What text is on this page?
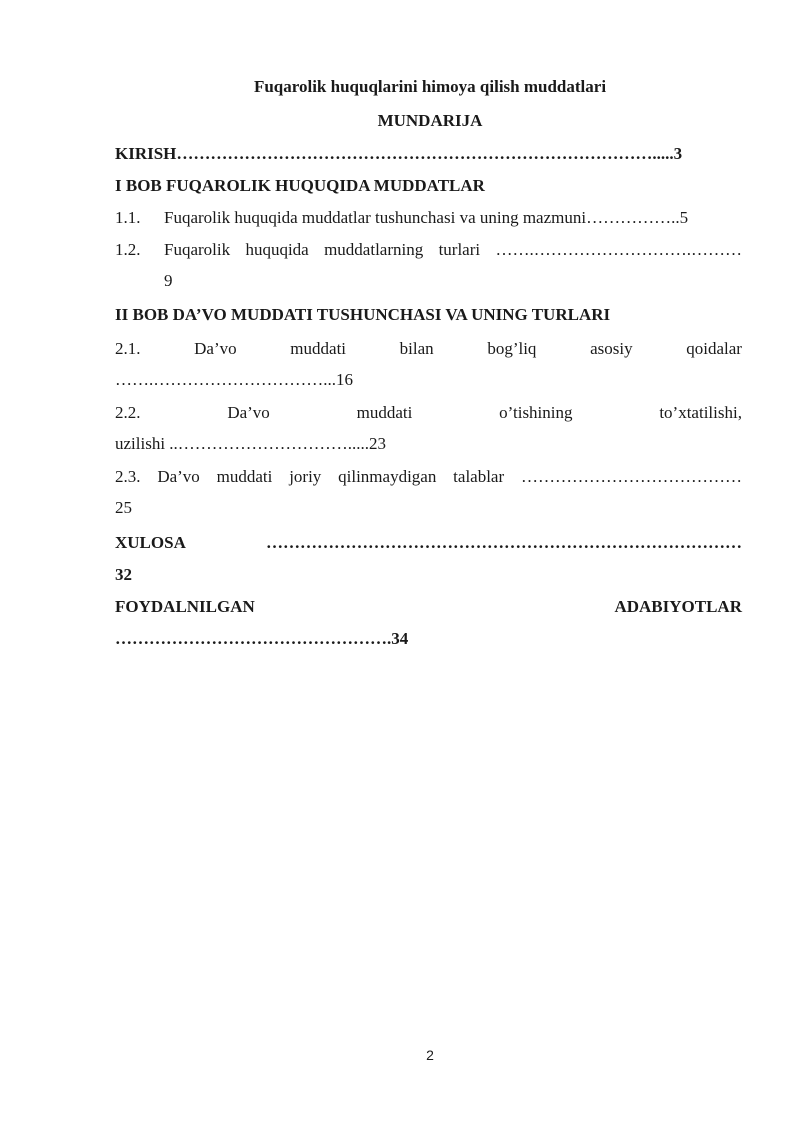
Fuqarolik huquqlarini himoya qilish muddatlari
MUNDARIJA
KIRISH………………………………………………………………………….....3
I BOB FUQAROLIK HUQUQIDA MUDDATLAR
1.1. Fuqarolik huquqida muddatlar tushunchasi va uning mazmuni……………..5
1.2. Fuqarolik huquqida muddatlarning turlari …….……………………….………
9
II BOB DA’VO MUDDATI TUSHUNCHASI VA UNING TURLARI
2.1.	Da’vo	muddati	bilan	bog’liq	asosiy	qoidalar
…….…………………………...16
2.2.	Da’vo	muddati	o’tishining	to’xtatilishi,
uzilishi ..………………………….....23
2.3. Da’vo muddati joriy qilinmaydigan talablar …………………………………
25
XULOSA	…………………………………………………………………………
32
FOYDALNILGAN	ADABIYOTLAR
………………………………………….34
2
